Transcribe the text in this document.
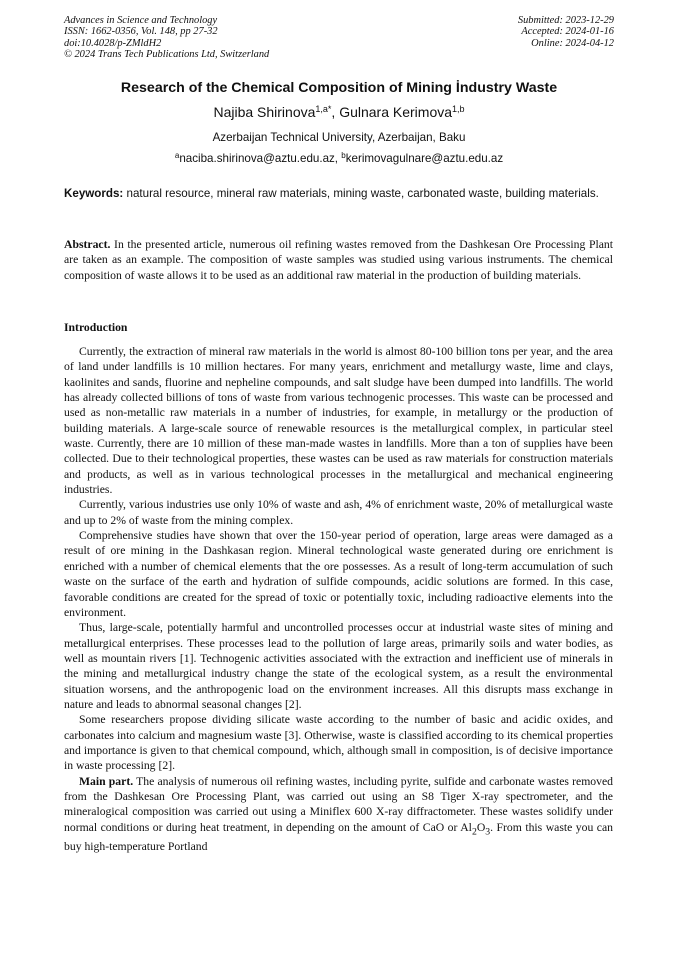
Advances in Science and Technology
ISSN: 1662-0356, Vol. 148, pp 27-32
doi:10.4028/p-ZMldH2
© 2024 Trans Tech Publications Ltd, Switzerland
Submitted: 2023-12-29
Accepted: 2024-01-16
Online: 2024-04-12
Research of the Chemical Composition of Mining İndustry Waste
Najiba Shirinova$^{1,a*}$, Gulnara Kerimova$^{1,b}$
Azerbaijan Technical University, Azerbaijan, Baku
$^a$naciba.shirinova@aztu.edu.az, $^b$kerimovagulnare@aztu.edu.az
Keywords: natural resource, mineral raw materials, mining waste, carbonated waste, building materials.
Abstract. In the presented article, numerous oil refining wastes removed from the Dashkesan Ore Processing Plant are taken as an example. The composition of waste samples was studied using various instruments. The chemical composition of waste allows it to be used as an additional raw material in the production of building materials.
Introduction

Currently, the extraction of mineral raw materials in the world is almost 80-100 billion tons per year, and the area of land under landfills is 10 million hectares. For many years, enrichment and metallurgy waste, lime and clays, kaolinites and sands, fluorine and nepheline compounds, and salt sludge have been dumped into landfills. The world has already collected billions of tons of waste from various technogenic processes. This waste can be processed and used as non-metallic raw materials in a number of industries, for example, in metallurgy or the production of building materials. A large-scale source of renewable resources is the metallurgical complex, in particular steel waste. Currently, there are 10 million of these man-made wastes in landfills. More than a ton of supplies have been collected. Due to their technological properties, these wastes can be used as raw materials for construction materials and products, as well as in various technological processes in the metallurgical and mechanical engineering industries.

Currently, various industries use only 10% of waste and ash, 4% of enrichment waste, 20% of metallurgical waste and up to 2% of waste from the mining complex.

Comprehensive studies have shown that over the 150-year period of operation, large areas were damaged as a result of ore mining in the Dashkasan region. Mineral technological waste generated during ore enrichment is enriched with a number of chemical elements that the ore possesses. As a result of long-term accumulation of such waste on the surface of the earth and hydration of sulfide compounds, acidic solutions are formed. In this case, favorable conditions are created for the spread of toxic or potentially toxic, including radioactive elements into the environment.

Thus, large-scale, potentially harmful and uncontrolled processes occur at industrial waste sites of mining and metallurgical enterprises. These processes lead to the pollution of large areas, primarily soils and water bodies, as well as mountain rivers [1]. Technogenic activities associated with the extraction and inefficient use of minerals in the mining and metallurgical industry change the state of the ecological system, as a result the environmental situation worsens, and the anthropogenic load on the environment increases. All this disrupts mass exchange in nature and leads to abnormal seasonal changes [2].

Some researchers propose dividing silicate waste according to the number of basic and acidic oxides, and carbonates into calcium and magnesium waste [3]. Otherwise, waste is classified according to its chemical properties and importance is given to that chemical compound, which, although small in composition, is of decisive importance in waste processing [2].

Main part. The analysis of numerous oil refining wastes, including pyrite, sulfide and carbonate wastes removed from the Dashkesan Ore Processing Plant, was carried out using an S8 Tiger X-ray spectrometer, and the mineralogical composition was carried out using a Miniflex 600 X-ray diffractometer. These wastes solidify under normal conditions or during heat treatment, in depending on the amount of CaO or $Al_2O_3$. From this waste you can buy high-temperature Portland
